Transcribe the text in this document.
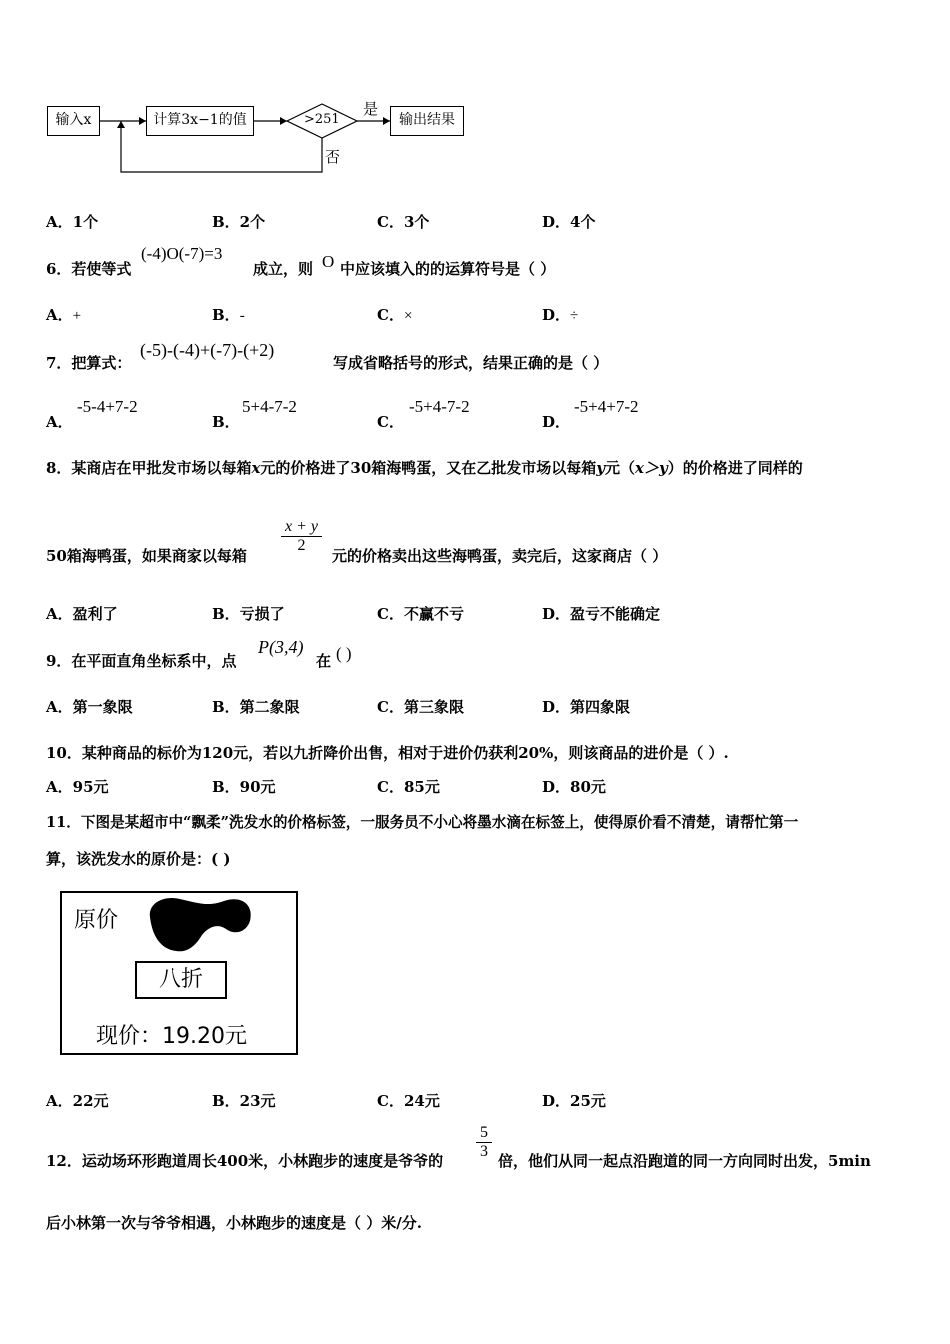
输入x	计算3x−1的值	>251	输出结果
是
否
A．1个	B．2个	C．3个	D．4个
6．若使等式
(-4)O(-7)=3
成立，则 O 中应该填入的的运算符号是（ ）
A．+	B．-	C．×	D．÷
7．把算式：
(-5)-(-4)+(-7)-(+2)
写成省略括号的形式，结果正确的是（ ）
A．
-5-4+7-2
B．
5+4-7-2
C．
-5+4-7-2
D．
-5+4+7-2
8．某商店在甲批发市场以每箱x元的价格进了30箱海鸭蛋，又在乙批发市场以每箱y元（x＞y）的价格进了同样的
50箱海鸭蛋，如果商家以每箱
$\frac{x + y}{2}$
元的价格卖出这些海鸭蛋，卖完后，这家商店（ ）
A．盈利了	B．亏损了	C．不赢不亏	D．盈亏不能确定
9．在平面直角坐标系中，点
P(3,4)
在 ( )
A．第一象限	B．第二象限	C．第三象限	D．第四象限
10．某种商品的标价为120元，若以九折降价出售，相对于进价仍获利20%，则该商品的进价是（ ）.
A．95元	B．90元	C．85元	D．80元
11．下图是某超市中“飘柔”洗发水的价格标签，一服务员不小心将墨水滴在标签上，使得原价看不清楚，请帮忙第一
算，该洗发水的原价是：( )
原价
八折
现价：19.20元
A．22元	B．23元	C．24元	D．25元
12．运动场环形跑道周长400米，小林跑步的速度是爷爷的 $\frac{5}{3}$ 倍，他们从同一起点沿跑道的同一方向同时出发，5min
后小林第一次与爷爷相遇，小林跑步的速度是（ ）米/分.
